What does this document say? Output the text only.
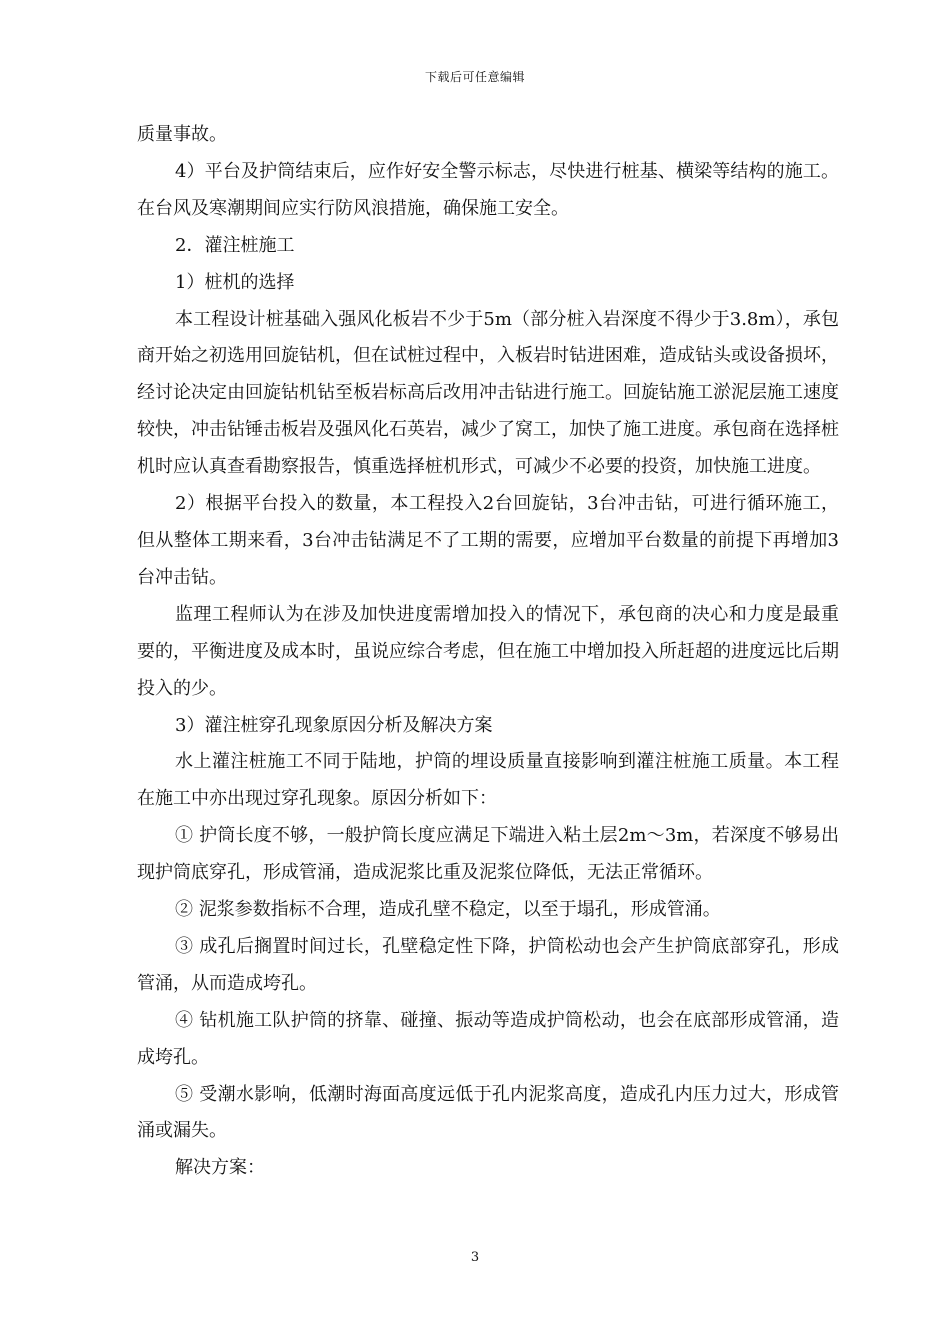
下载后可任意编辑

质量事故。

4）平台及护筒结束后，应作好安全警示标志，尽快进行桩基、横梁等结构的施工。在台风及寒潮期间应实行防风浪措施，确保施工安全。

2．灌注桩施工

1）桩机的选择

本工程设计桩基础入强风化板岩不少于5m（部分桩入岩深度不得少于3.8m），承包商开始之初选用回旋钻机，但在试桩过程中，入板岩时钻进困难，造成钻头或设备损坏，经讨论决定由回旋钻机钻至板岩标高后改用冲击钻进行施工。回旋钻施工淤泥层施工速度较快，冲击钻锤击板岩及强风化石英岩，减少了窝工，加快了施工进度。承包商在选择桩机时应认真查看勘察报告，慎重选择桩机形式，可减少不必要的投资，加快施工进度。

2）根据平台投入的数量，本工程投入2台回旋钻，3台冲击钻，可进行循环施工，但从整体工期来看，3台冲击钻满足不了工期的需要，应增加平台数量的前提下再增加3台冲击钻。

监理工程师认为在涉及加快进度需增加投入的情况下，承包商的决心和力度是最重要的，平衡进度及成本时，虽说应综合考虑，但在施工中增加投入所赶超的进度远比后期投入的少。

3）灌注桩穿孔现象原因分析及解决方案

水上灌注桩施工不同于陆地，护筒的埋设质量直接影响到灌注桩施工质量。本工程在施工中亦出现过穿孔现象。原因分析如下：

① 护筒长度不够，一般护筒长度应满足下端进入粘土层2m～3m，若深度不够易出现护筒底穿孔，形成管涌，造成泥浆比重及泥浆位降低，无法正常循环。

② 泥浆参数指标不合理，造成孔壁不稳定，以至于塌孔，形成管涌。

③ 成孔后搁置时间过长，孔壁稳定性下降，护筒松动也会产生护筒底部穿孔，形成管涌，从而造成垮孔。

④ 钻机施工队护筒的挤靠、碰撞、振动等造成护筒松动，也会在底部形成管涌，造成垮孔。

⑤ 受潮水影响，低潮时海面高度远低于孔内泥浆高度，造成孔内压力过大，形成管涌或漏失。

解决方案：

3
